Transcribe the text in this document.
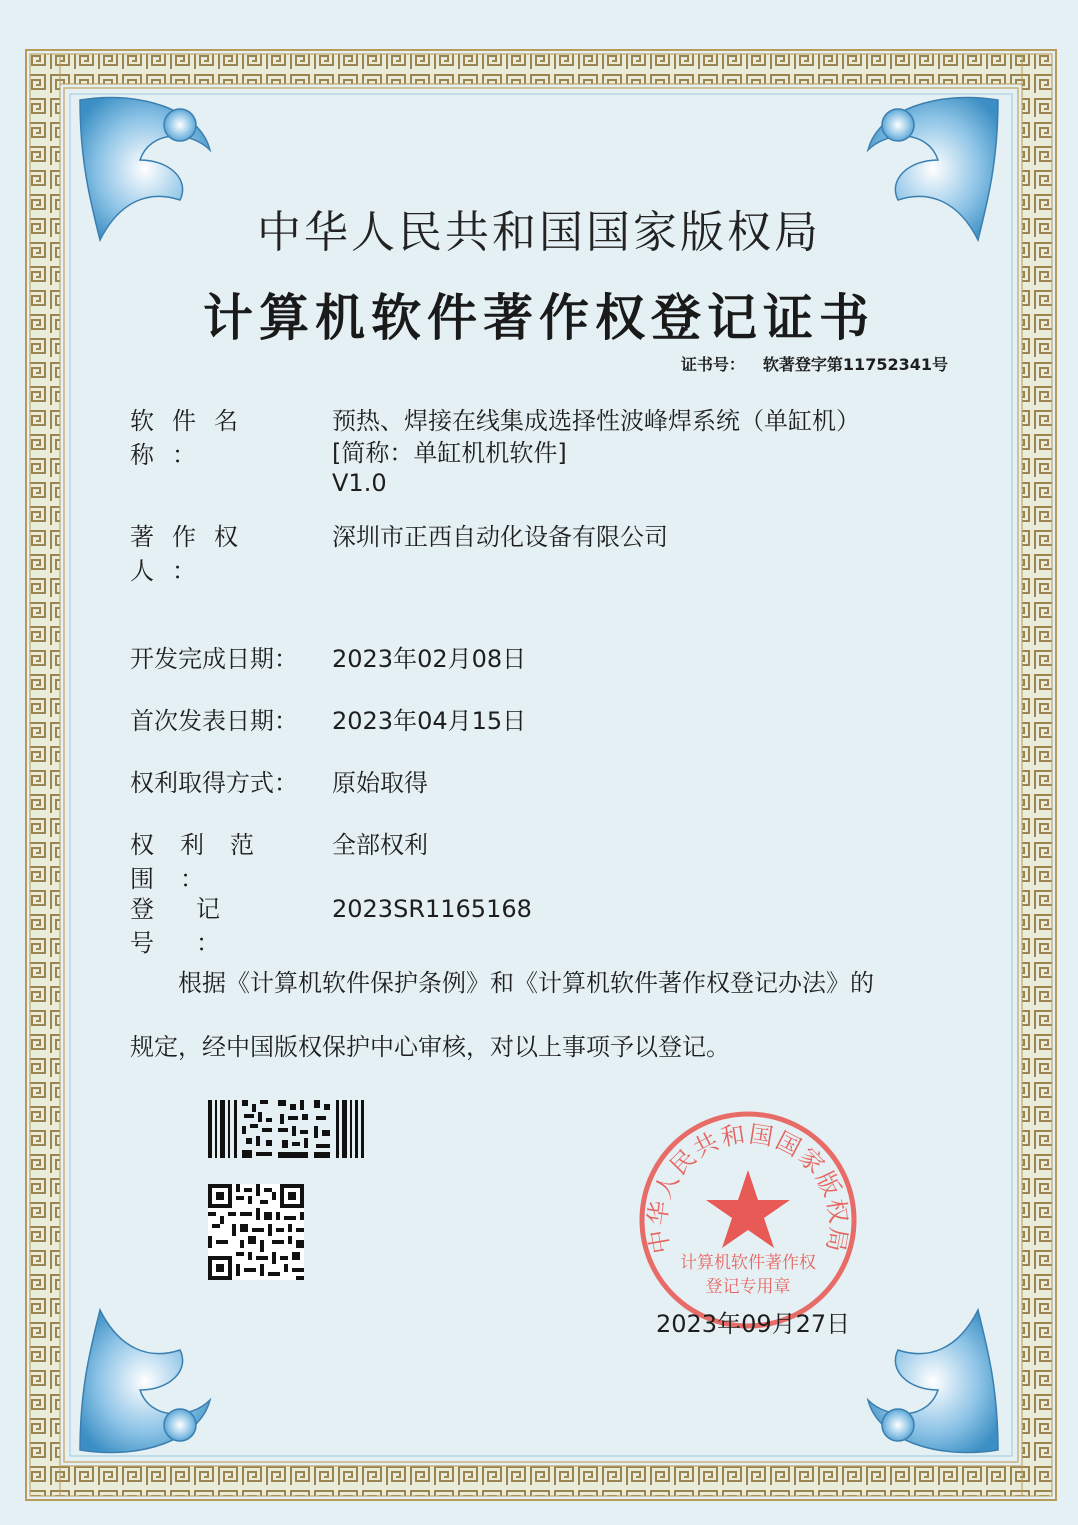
中华人民共和国国家版权局
计算机软件著作权登记证书
证书号： 软著登字第11752341号
软件名称：
预热、焊接在线集成选择性波峰焊系统（单缸机）
[简称：单缸机机软件]
V1.0
著作权人：
深圳市正西自动化设备有限公司
开发完成日期：	2023年02月08日
首次发表日期：	2023年04月15日
权利取得方式：	原始取得
权利范围：
全部权利
登记号：
2023SR1165168
根据《计算机软件保护条例》和《计算机软件著作权登记办法》的
规定，经中国版权保护中心审核，对以上事项予以登记。
中华人民共和国国家版权局
计算机软件著作权
登记专用章
2023年09月27日
